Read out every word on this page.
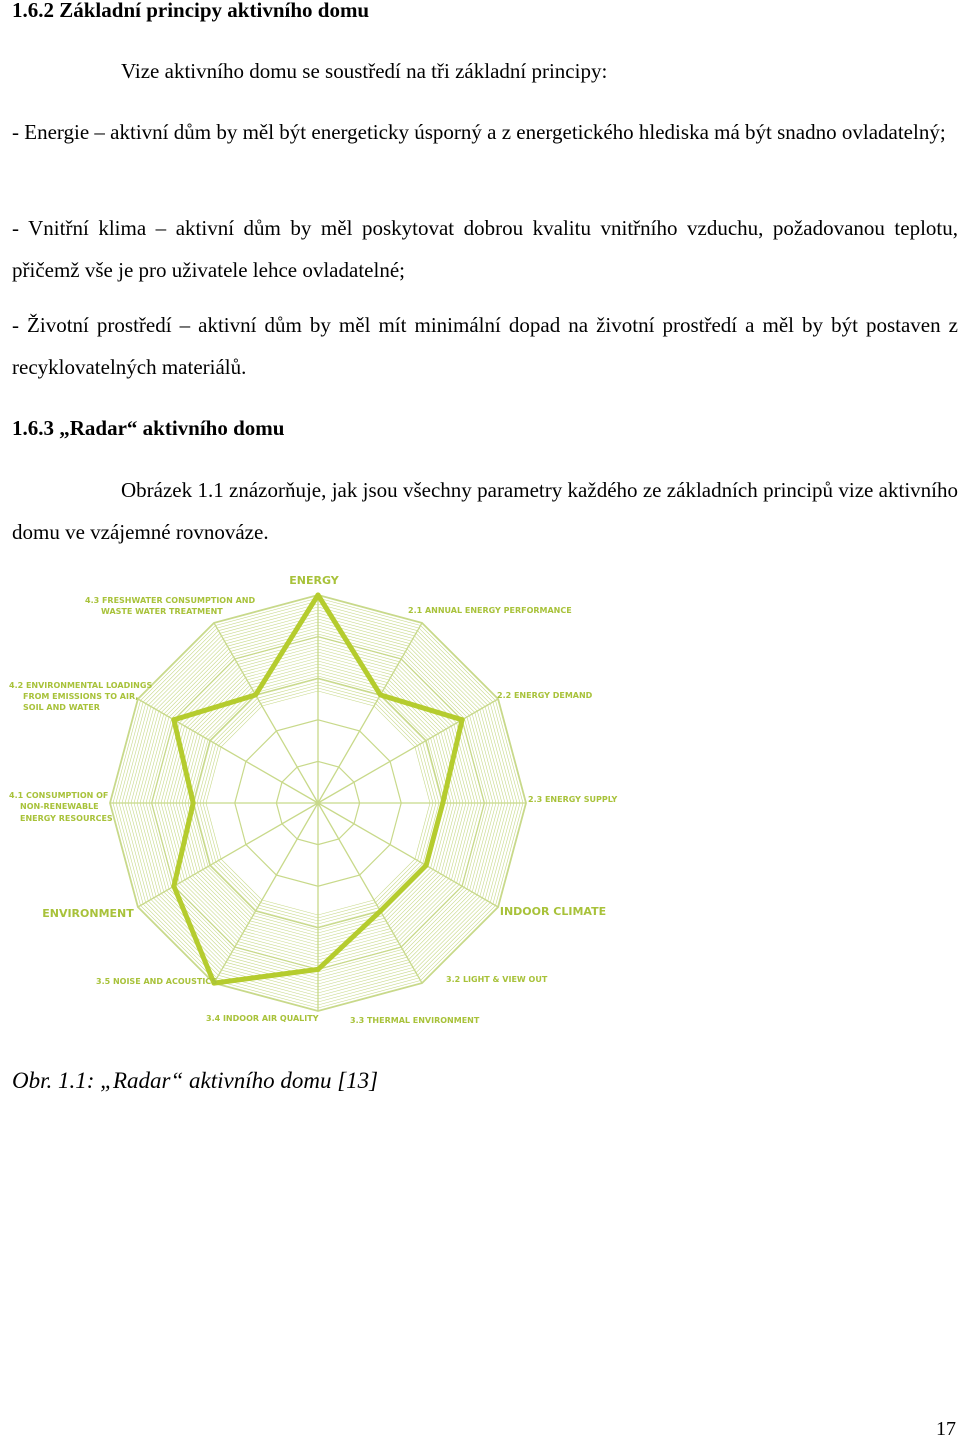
1.6.2 Základní principy aktivního domu

Vize aktivního domu se soustředí na tři základní principy:

- Energie – aktivní dům by měl být energeticky úsporný a z energetického hlediska má být snadno ovladatelný;

- Vnitřní klima – aktivní dům by měl poskytovat dobrou kvalitu vnitřního vzduchu, požadovanou teplotu, přičemž vše je pro uživatele lehce ovladatelné;

- Životní prostředí – aktivní dům by měl mít minimální dopad na životní prostředí a měl by být postaven z recyklovatelných materiálů.

1.6.3 „Radar“ aktivního domu

Obrázek 1.1 znázorňuje, jak jsou všechny parametry každého ze základních principů vize aktivního domu ve vzájemné rovnováze.

ENERGY
INDOOR CLIMATE
ENVIRONMENT
2.1 ANNUAL ENERGY PERFORMANCE
2.2 ENERGY DEMAND
2.3 ENERGY SUPPLY
3.2 LIGHT & VIEW OUT
3.3 THERMAL ENVIRONMENT
3.4 INDOOR AIR QUALITY
3.5 NOISE AND ACOUSTICS
4.1 CONSUMPTION OF
NON-RENEWABLE
ENERGY RESOURCES
4.2 ENVIRONMENTAL LOADINGS
FROM EMISSIONS TO AIR,
SOIL AND WATER
4.3 FRESHWATER CONSUMPTION AND
WASTE WATER TREATMENT

Obr. 1.1: „Radar“ aktivního domu [13]

17
